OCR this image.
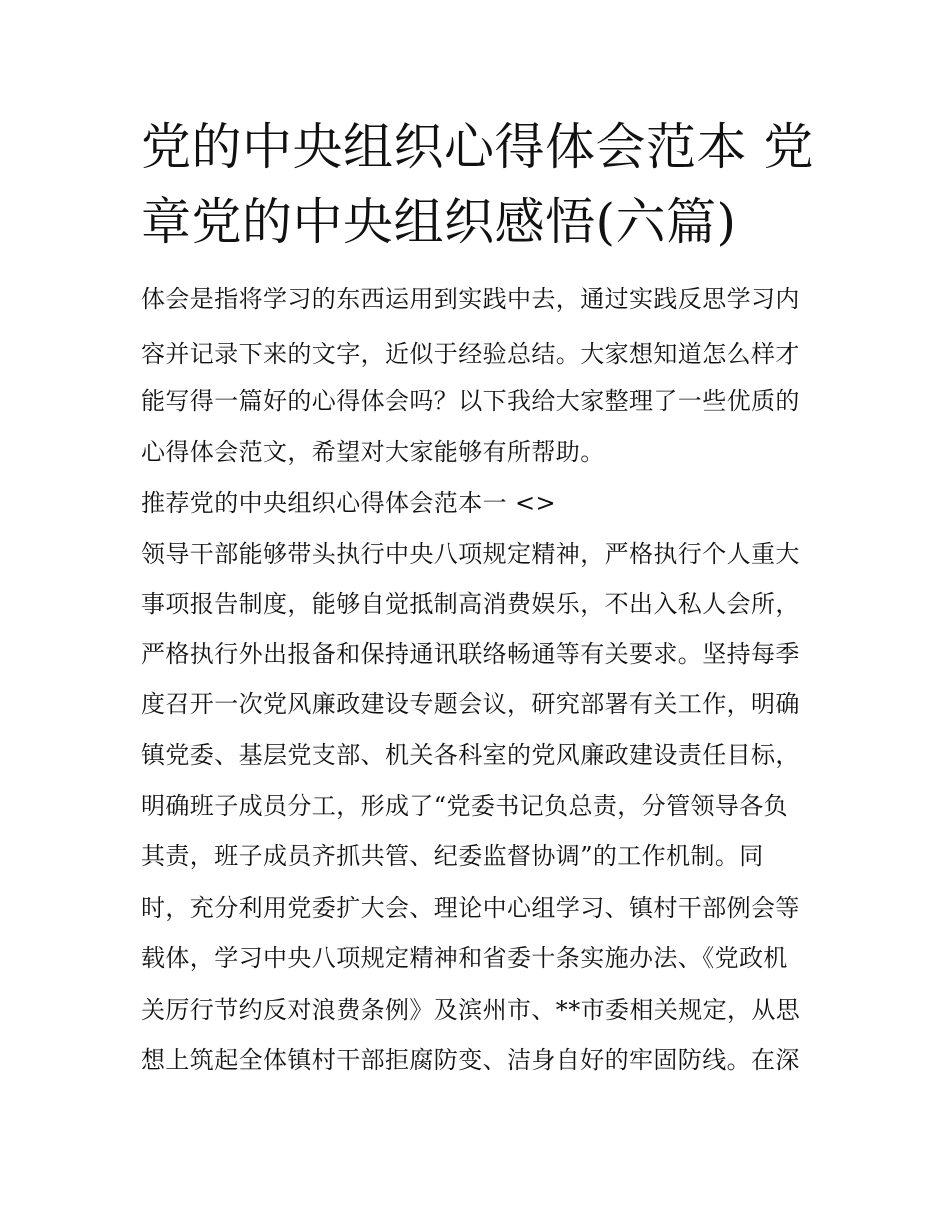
党的中央组织心得体会范本 党
章党的中央组织感悟(六篇)
体会是指将学习的东西运用到实践中去，通过实践反思学习内
容并记录下来的文字，近似于经验总结。大家想知道怎么样才
能写得一篇好的心得体会吗？以下我给大家整理了一些优质的
心得体会范文，希望对大家能够有所帮助。
推荐党的中央组织心得体会范本一 <>
领导干部能够带头执行中央八项规定精神，严格执行个人重大
事项报告制度，能够自觉抵制高消费娱乐，不出入私人会所，
严格执行外出报备和保持通讯联络畅通等有关要求。坚持每季
度召开一次党风廉政建设专题会议，研究部署有关工作，明确
镇党委、基层党支部、机关各科室的党风廉政建设责任目标，
明确班子成员分工，形成了“党委书记负总责，分管领导各负
其责，班子成员齐抓共管、纪委监督协调”的工作机制。同
时，充分利用党委扩大会、理论中心组学习、镇村干部例会等
载体，学习中央八项规定精神和省委十条实施办法、《党政机
关厉行节约反对浪费条例》及滨州市、**市委相关规定，从思
想上筑起全体镇村干部拒腐防变、洁身自好的牢固防线。在深
